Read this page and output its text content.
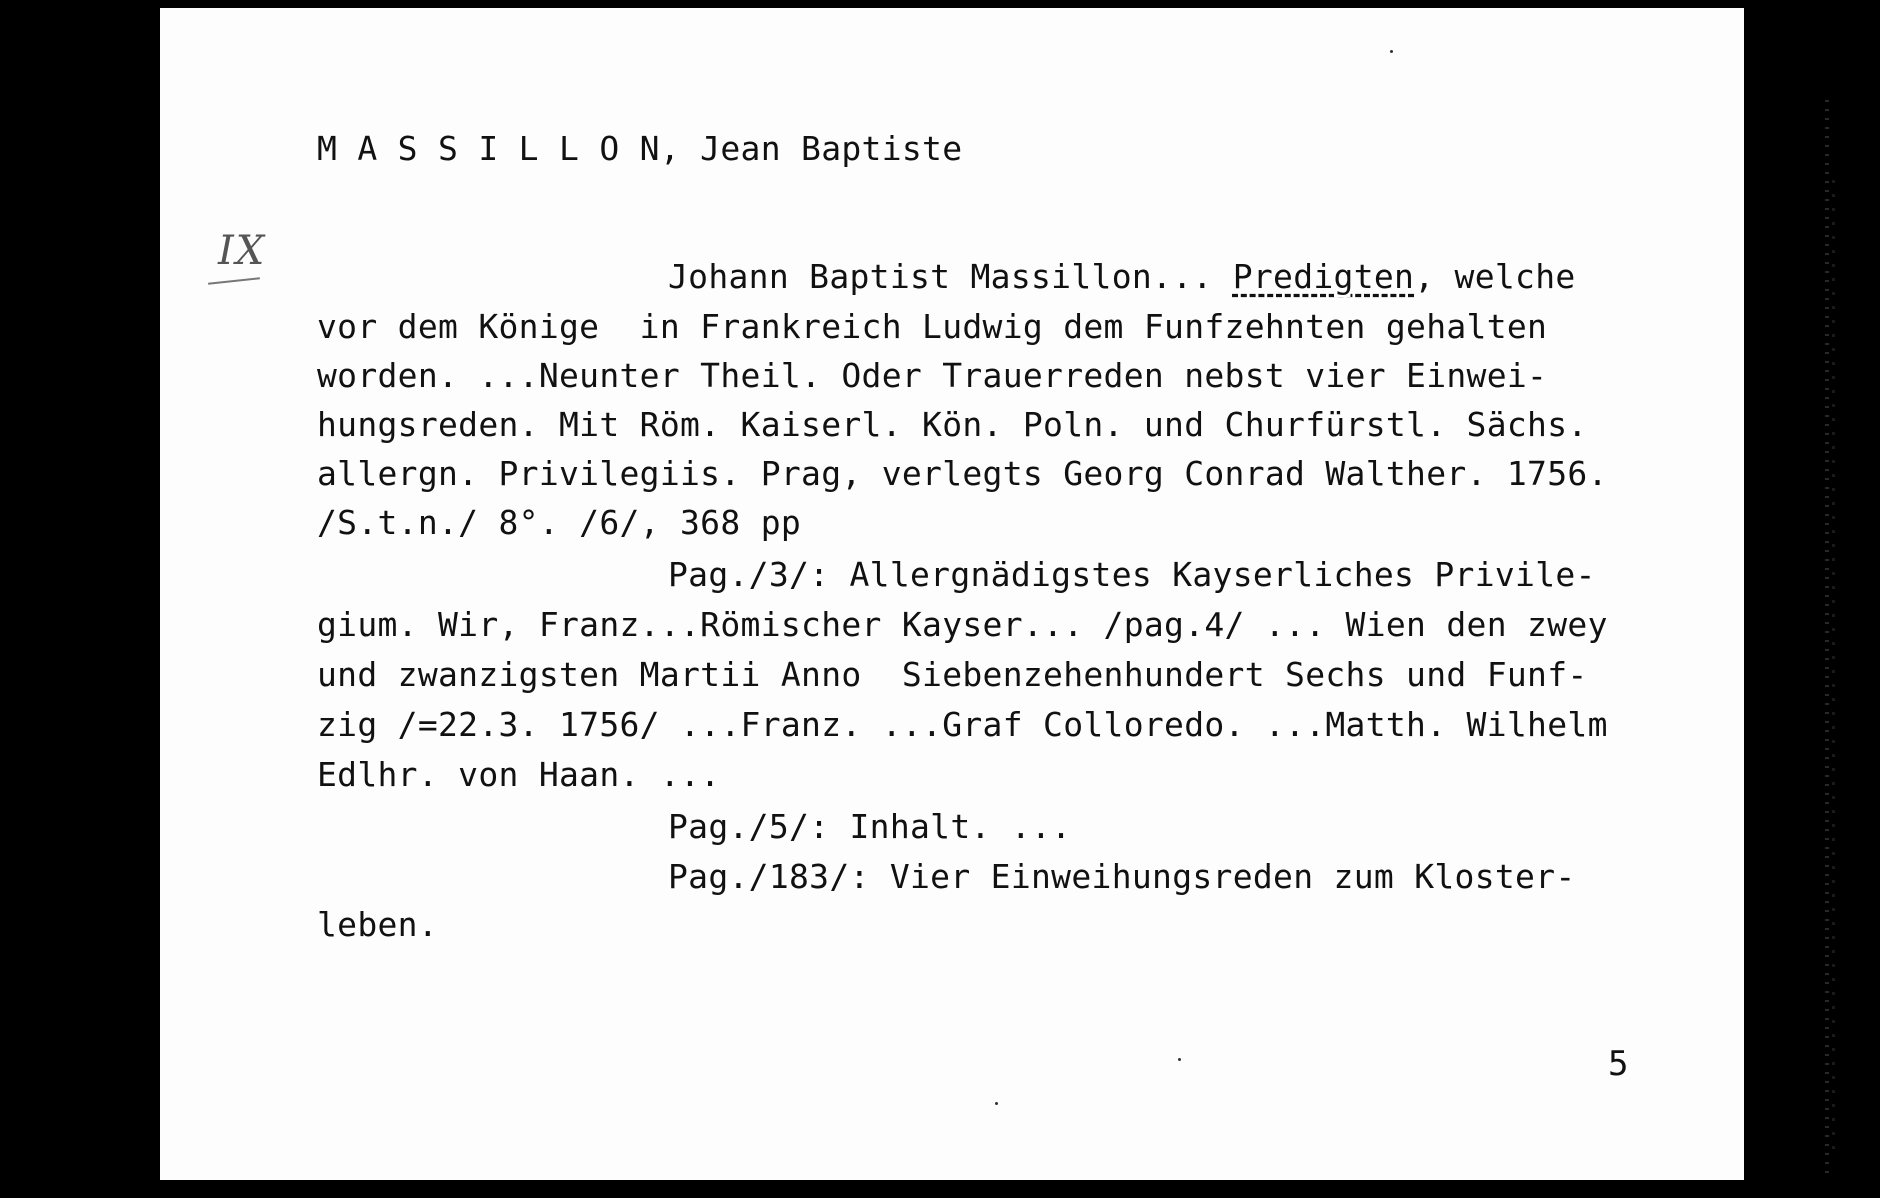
M A S S I L L O N, Jean Baptiste
IX
Johann Baptist Massillon... Predigten, welche
vor dem Könige  in Frankreich Ludwig dem Funfzehnten gehalten
worden. ...Neunter Theil. Oder Trauerreden nebst vier Einwei-
hungsreden. Mit Röm. Kaiserl. Kön. Poln. und Churfürstl. Sächs.
allergn. Privilegiis. Prag, verlegts Georg Conrad Walther. 1756.
/S.t.n./ 8°. /6/, 368 pp
Pag./3/: Allergnädigstes Kayserliches Privile-
gium. Wir, Franz...Römischer Kayser... /pag.4/ ... Wien den zwey
und zwanzigsten Martii Anno  Siebenzehenhundert Sechs und Funf-
zig /=22.3. 1756/ ...Franz. ...Graf Colloredo. ...Matth. Wilhelm
Edlhr. von Haan. ...
Pag./5/: Inhalt. ...
Pag./183/: Vier Einweihungsreden zum Kloster-
leben.
5
